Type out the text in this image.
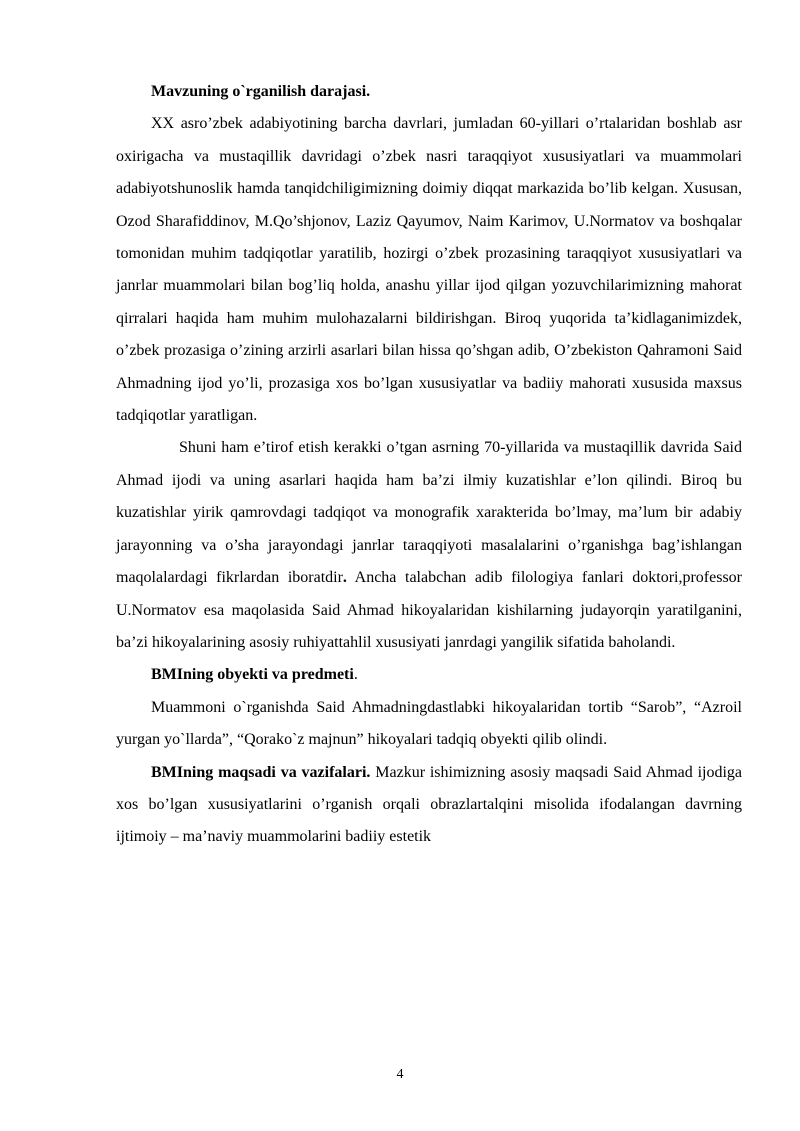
Mavzuning o`rganilish darajasi.

XX asro’zbek adabiyotining barcha davrlari, jumladan 60-yillari o’rtalaridan boshlab asr oxirigacha va mustaqillik davridagi o’zbek nasri taraqqiyot xususiyatlari va muammolari adabiyotshunoslik hamda tanqidchiligimizning doimiy diqqat markazida bo’lib kelgan. Xususan, Ozod Sharafiddinov, M.Qo’shjonov, Laziz Qayumov, Naim Karimov, U.Normatov va boshqalar tomonidan muhim tadqiqotlar yaratilib, hozirgi o’zbek prozasining taraqqiyot xususiyatlari va janrlar muammolari bilan bog’liq holda, anashu yillar ijod qilgan yozuvchilarimizning mahorat qirralari haqida ham muhim mulohazalarni bildirishgan. Biroq yuqorida ta’kidlaganimizdek, o’zbek prozasiga o’zining arzirli asarlari bilan hissa qo’shgan adib, O’zbekiston Qahramoni Said Ahmadning ijod yo’li, prozasiga xos bo’lgan xususiyatlar va badiiy mahorati xususida maxsus tadqiqotlar yaratligan.

Shuni ham e’tirof etish kerakki o’tgan asrning 70-yillarida va mustaqillik davrida Said Ahmad ijodi va uning asarlari haqida ham ba’zi ilmiy kuzatishlar e’lon qilindi. Biroq bu kuzatishlar yirik qamrovdagi tadqiqot va monografik xarakterida bo’lmay, ma’lum bir adabiy jarayonning va o’sha jarayondagi janrlar taraqqiyoti masalalarini o’rganishga bag’ishlangan maqolalardagi fikrlardan iboratdir. Ancha talabchan adib filologiya fanlari doktori,professor U.Normatov esa maqolasida Said Ahmad hikoyalaridan kishilarning judayorqin yaratilganini, ba’zi hikoyalarining asosiy ruhiyattahlil xususiyati janrdagi yangilik sifatida baholandi.

BMIning obyekti va predmeti.

Muammoni o`rganishda Said Ahmadningdastlabki hikoyalaridan tortib “Sarob”, “Azroil yurgan yo`llarda”, “Qorako`z majnun” hikoyalari tadqiq obyekti qilib olindi.

BMIning maqsadi va vazifalari. Mazkur ishimizning asosiy maqsadi Said Ahmad ijodiga xos bo’lgan xususiyatlarini o’rganish orqali obrazlartalqini misolida ifodalangan davrning ijtimoiy – ma’naviy muammolarini badiiy estetik

4
